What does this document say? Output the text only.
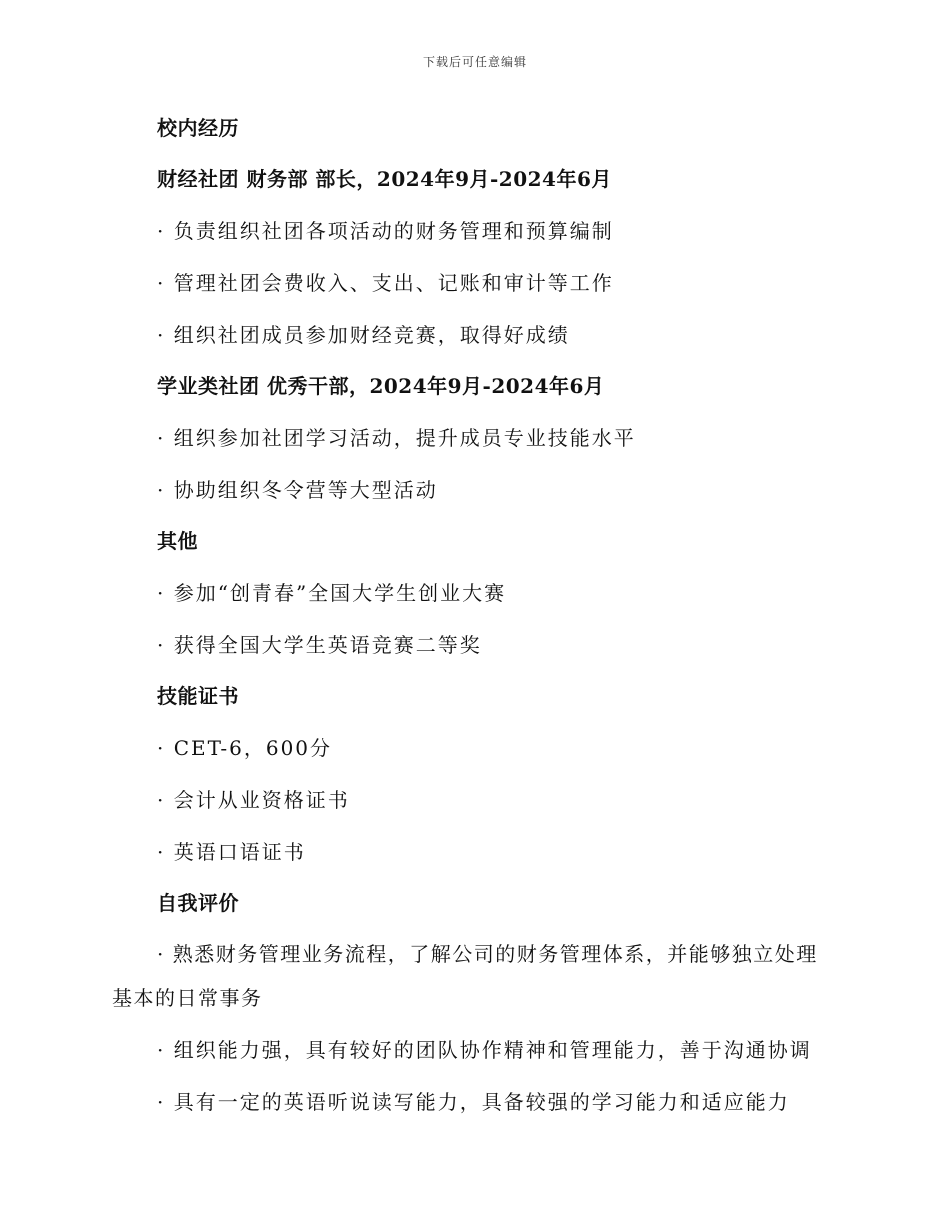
下载后可任意编辑
校内经历
财经社团 财务部 部长，2024年9月-2024年6月
· 负责组织社团各项活动的财务管理和预算编制
· 管理社团会费收入、支出、记账和审计等工作
· 组织社团成员参加财经竞赛，取得好成绩
学业类社团 优秀干部，2024年9月-2024年6月
· 组织参加社团学习活动，提升成员专业技能水平
· 协助组织冬令营等大型活动
其他
· 参加“创青春”全国大学生创业大赛
· 获得全国大学生英语竞赛二等奖
技能证书
· CET-6，600分
· 会计从业资格证书
· 英语口语证书
自我评价
· 熟悉财务管理业务流程，了解公司的财务管理体系，并能够独立处理基本的日常事务
· 组织能力强，具有较好的团队协作精神和管理能力，善于沟通协调
· 具有一定的英语听说读写能力，具备较强的学习能力和适应能力
